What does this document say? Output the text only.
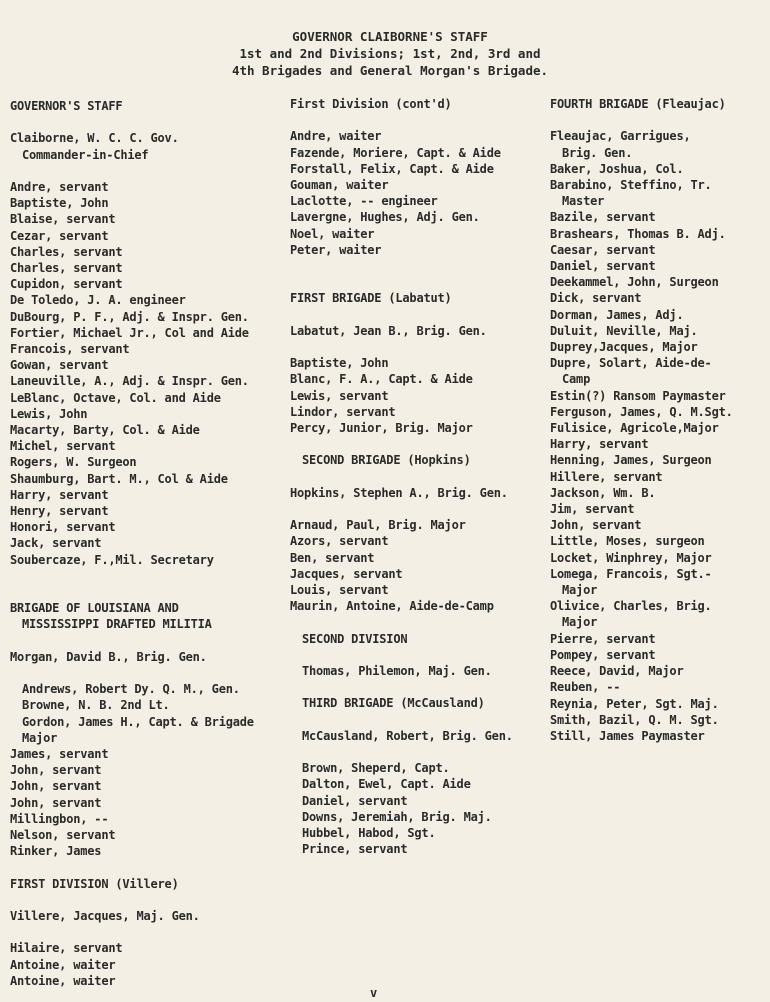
GOVERNOR CLAIBORNE'S STAFF
1st and 2nd Divisions; 1st, 2nd, 3rd and
4th Brigades and General Morgan's Brigade.
GOVERNOR'S STAFF
Claiborne, W. C. C. Gov.
Commander-in-Chief
Andre, servant
Baptiste, John
Blaise, servant
Cezar, servant
Charles, servant
Charles, servant
Cupidon, servant
De Toledo, J. A. engineer
DuBourg, P. F., Adj. & Inspr. Gen.
Fortier, Michael Jr., Col and Aide
Francois, servant
Gowan, servant
Laneuville, A., Adj. & Inspr. Gen.
LeBlanc, Octave, Col. and Aide
Lewis, John
Macarty, Barty, Col. & Aide
Michel, servant
Rogers, W. Surgeon
Shaumburg, Bart. M., Col & Aide
Harry, servant
Henry, servant
Honori, servant
Jack, servant
Soubercaze, F.,Mil. Secretary
BRIGADE OF LOUISIANA AND
MISSISSIPPI DRAFTED MILITIA
Morgan, David B., Brig. Gen.
Andrews, Robert Dy. Q. M., Gen.
Browne, N. B. 2nd Lt.
Gordon, James H., Capt. & Brigade
Major
James, servant
John, servant
John, servant
John, servant
Millingbon, --
Nelson, servant
Rinker, James
FIRST DIVISION (Villere)
Villere, Jacques, Maj. Gen.
Hilaire, servant
Antoine, waiter
Antoine, waiter
First Division (cont'd)
Andre, waiter
Fazende, Moriere, Capt. & Aide
Forstall, Felix, Capt. & Aide
Gouman, waiter
Laclotte, -- engineer
Lavergne, Hughes, Adj. Gen.
Noel, waiter
Peter, waiter
FIRST BRIGADE (Labatut)
Labatut, Jean B., Brig. Gen.
Baptiste, John
Blanc, F. A., Capt. & Aide
Lewis, servant
Lindor, servant
Percy, Junior, Brig. Major
SECOND BRIGADE (Hopkins)
Hopkins, Stephen A., Brig. Gen.
Arnaud, Paul, Brig. Major
Azors, servant
Ben, servant
Jacques, servant
Louis, servant
Maurin, Antoine, Aide-de-Camp
SECOND DIVISION
Thomas, Philemon, Maj. Gen.
THIRD BRIGADE (McCausland)
McCausland, Robert, Brig. Gen.
Brown, Sheperd, Capt.
Dalton, Ewel, Capt. Aide
Daniel, servant
Downs, Jeremiah, Brig. Maj.
Hubbel, Habod, Sgt.
Prince, servant
FOURTH BRIGADE (Fleaujac)
Fleaujac, Garrigues,
Brig. Gen.
Baker, Joshua, Col.
Barabino, Steffino, Tr.
Master
Bazile, servant
Brashears, Thomas B. Adj.
Caesar, servant
Daniel, servant
Deekammel, John, Surgeon
Dick, servant
Dorman, James, Adj.
Duluit, Neville, Maj.
Duprey,Jacques, Major
Dupre, Solart, Aide-de-
Camp
Estin(?) Ransom Paymaster
Ferguson, James, Q. M.Sgt.
Fulisice, Agricole,Major
Harry, servant
Henning, James, Surgeon
Hillere, servant
Jackson, Wm. B.
Jim, servant
John, servant
Little, Moses, surgeon
Locket, Winphrey, Major
Lomega, Francois, Sgt.-
Major
Olivice, Charles, Brig.
Major
Pierre, servant
Pompey, servant
Reece, David, Major
Reuben, --
Reynia, Peter, Sgt. Maj.
Smith, Bazil, Q. M. Sgt.
Still, James Paymaster
v
